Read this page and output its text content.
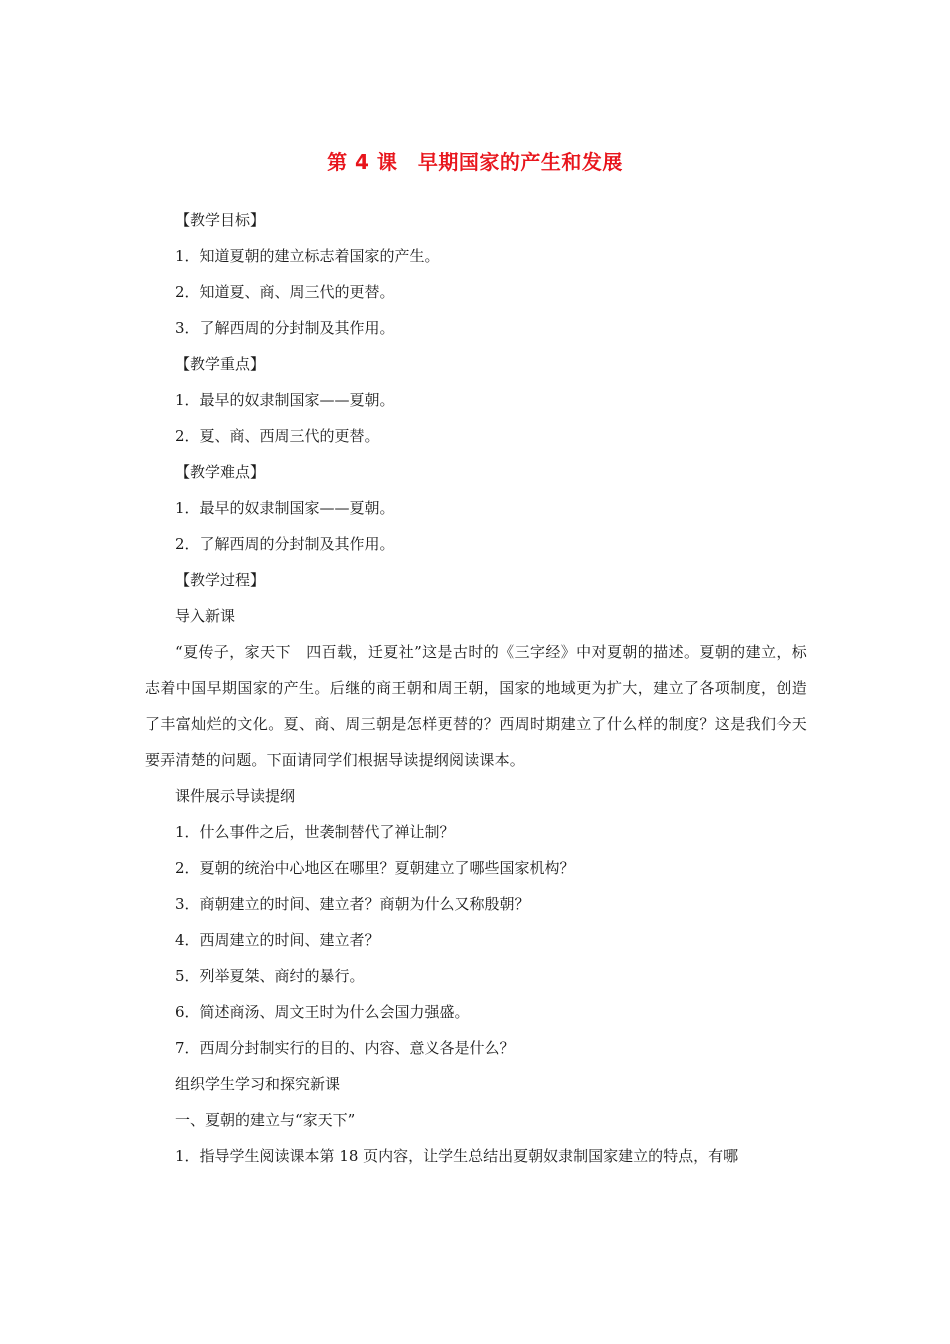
第 4 课　早期国家的产生和发展

【教学目标】

1．知道夏朝的建立标志着国家的产生。

2．知道夏、商、周三代的更替。

3．了解西周的分封制及其作用。

【教学重点】

1．最早的奴隶制国家——夏朝。

2．夏、商、西周三代的更替。

【教学难点】

1．最早的奴隶制国家——夏朝。

2．了解西周的分封制及其作用。

【教学过程】

导入新课

“夏传子，家天下　四百载，迁夏社”这是古时的《三字经》中对夏朝的描述。夏朝的建立，标志着中国早期国家的产生。后继的商王朝和周王朝，国家的地域更为扩大，建立了各项制度，创造了丰富灿烂的文化。夏、商、周三朝是怎样更替的？西周时期建立了什么样的制度？这是我们今天要弄清楚的问题。下面请同学们根据导读提纲阅读课本。

课件展示导读提纲

1．什么事件之后，世袭制替代了禅让制？

2．夏朝的统治中心地区在哪里？夏朝建立了哪些国家机构？

3．商朝建立的时间、建立者？商朝为什么又称殷朝？

4．西周建立的时间、建立者？

5．列举夏桀、商纣的暴行。

6．简述商汤、周文王时为什么会国力强盛。

7．西周分封制实行的目的、内容、意义各是什么？

组织学生学习和探究新课

一、夏朝的建立与“家天下”

1．指导学生阅读课本第 18 页内容，让学生总结出夏朝奴隶制国家建立的特点，有哪
